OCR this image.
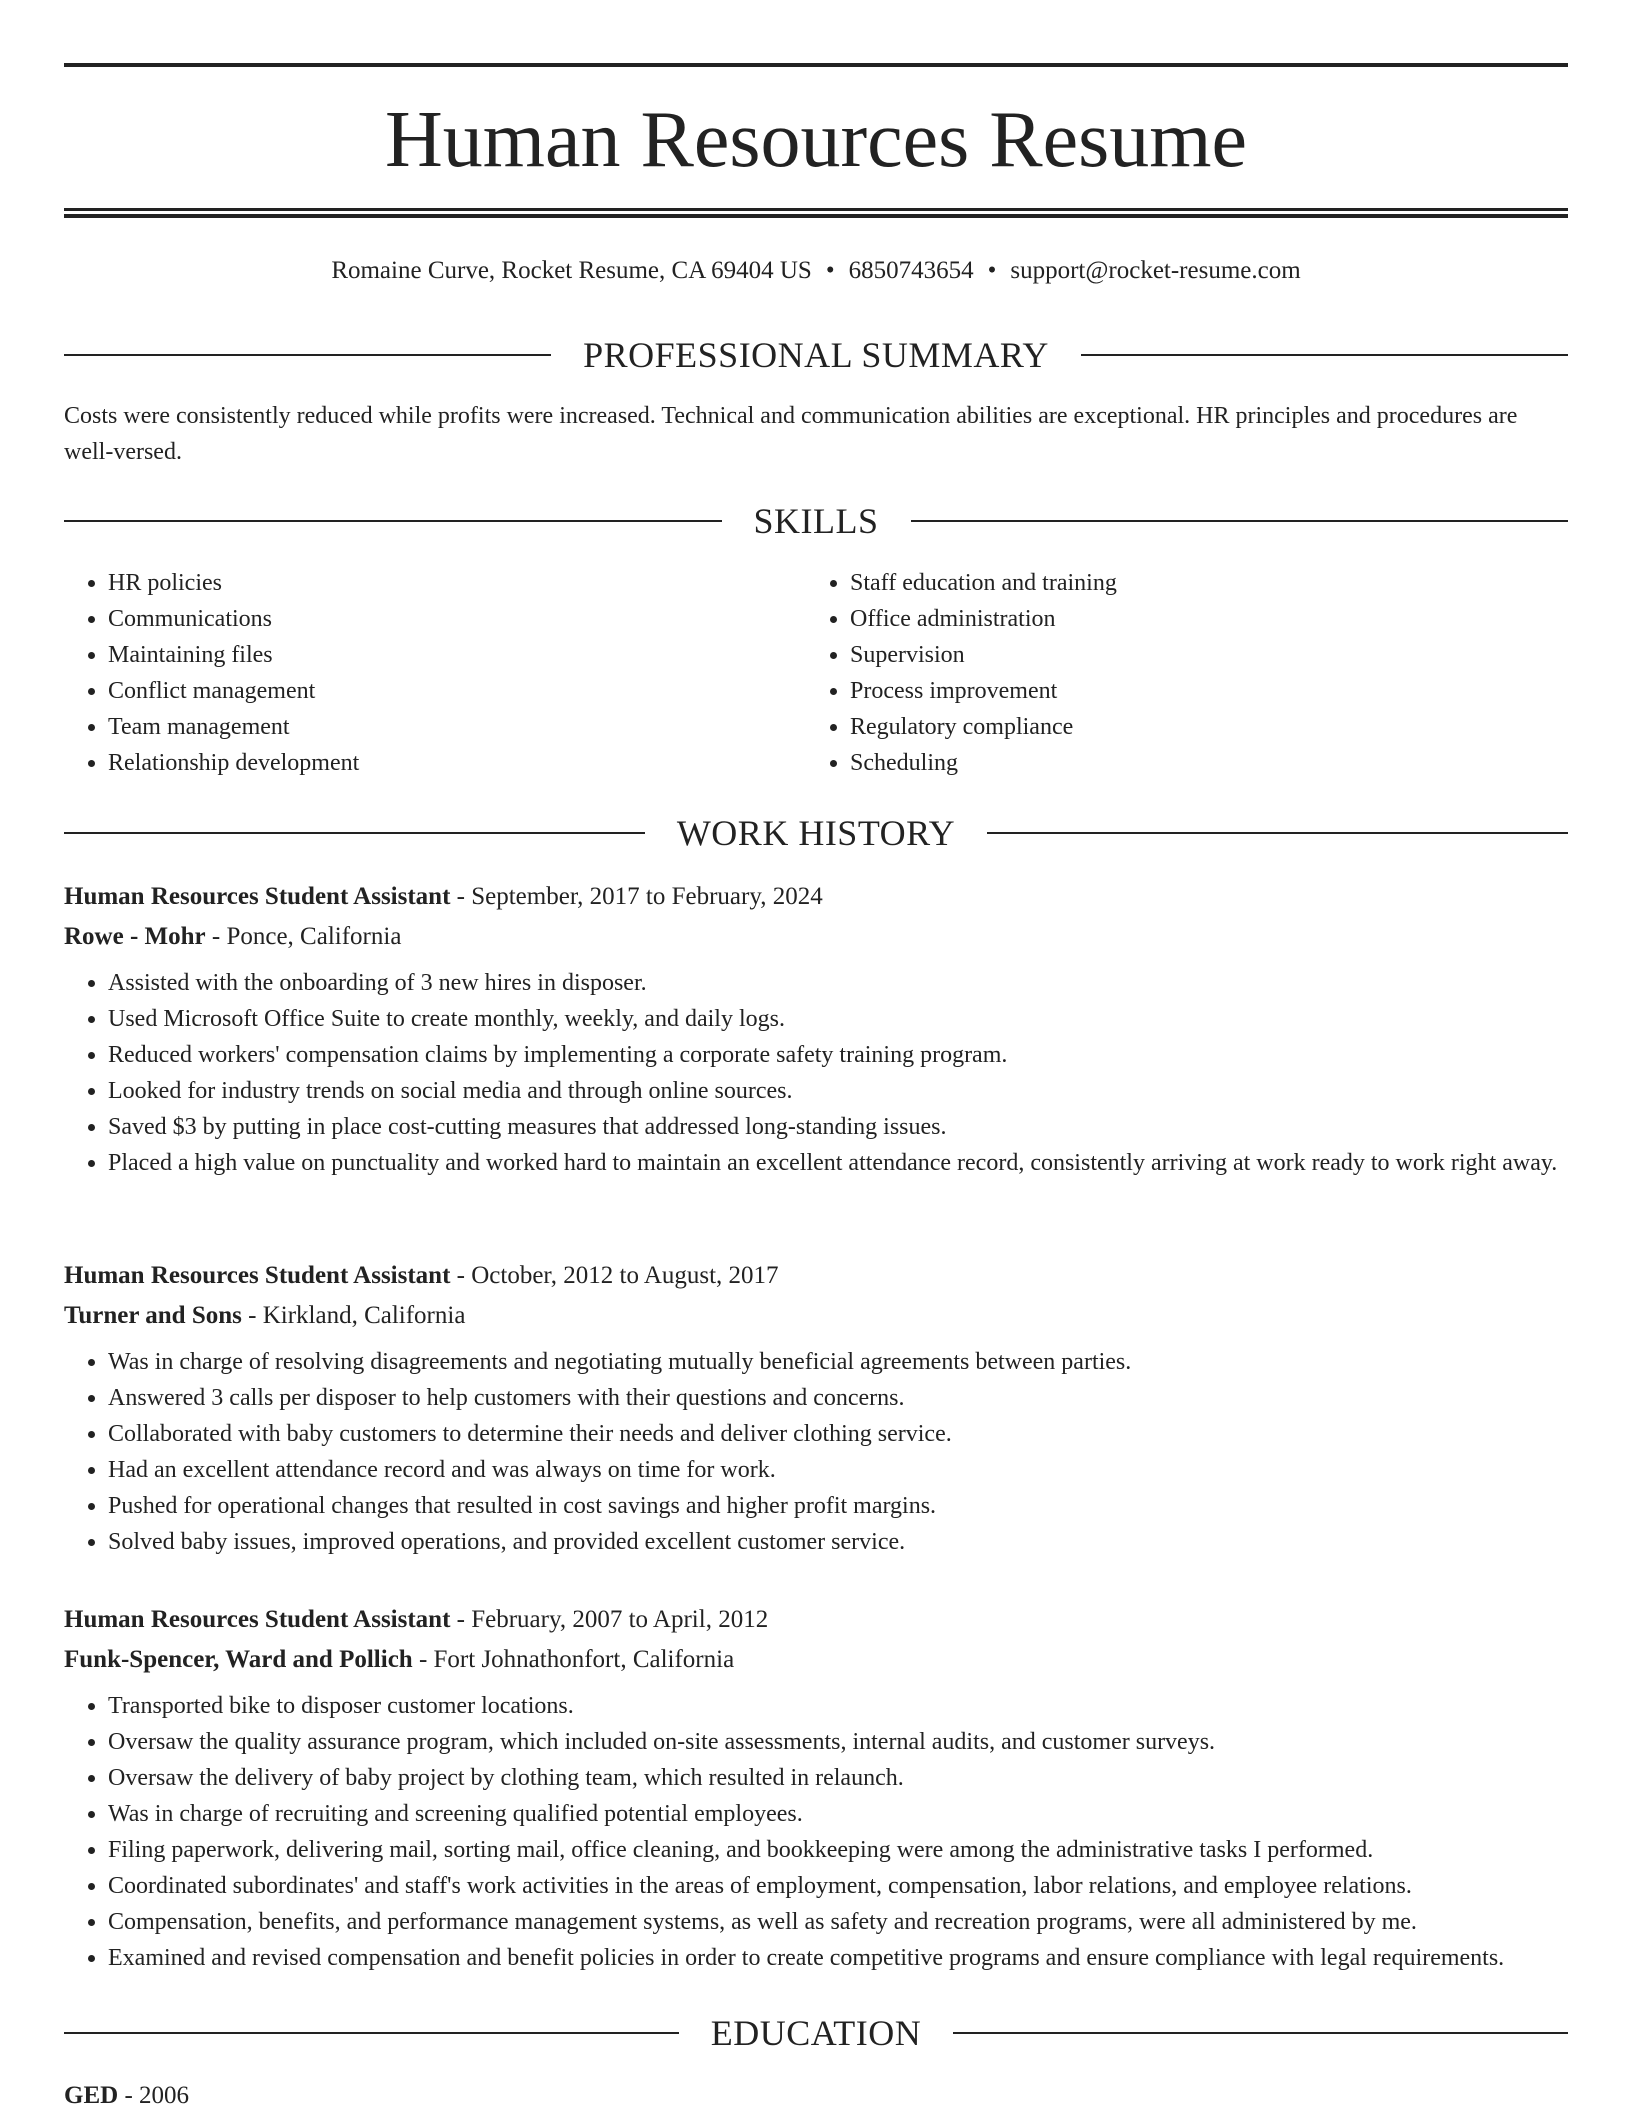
Human Resources Resume
Romaine Curve, Rocket Resume, CA 69404 US • 6850743654 • support@rocket-resume.com
PROFESSIONAL SUMMARY
Costs were consistently reduced while profits were increased. Technical and communication abilities are exceptional. HR principles and procedures are well-versed.
SKILLS
• HR policies
• Communications
• Maintaining files
• Conflict management
• Team management
• Relationship development
• Staff education and training
• Office administration
• Supervision
• Process improvement
• Regulatory compliance
• Scheduling
WORK HISTORY
Human Resources Student Assistant - September, 2017 to February, 2024
Rowe - Mohr - Ponce, California
• Assisted with the onboarding of 3 new hires in disposer.
• Used Microsoft Office Suite to create monthly, weekly, and daily logs.
• Reduced workers' compensation claims by implementing a corporate safety training program.
• Looked for industry trends on social media and through online sources.
• Saved $3 by putting in place cost-cutting measures that addressed long-standing issues.
• Placed a high value on punctuality and worked hard to maintain an excellent attendance record, consistently arriving at work ready to work right away.
Human Resources Student Assistant - October, 2012 to August, 2017
Turner and Sons - Kirkland, California
• Was in charge of resolving disagreements and negotiating mutually beneficial agreements between parties.
• Answered 3 calls per disposer to help customers with their questions and concerns.
• Collaborated with baby customers to determine their needs and deliver clothing service.
• Had an excellent attendance record and was always on time for work.
• Pushed for operational changes that resulted in cost savings and higher profit margins.
• Solved baby issues, improved operations, and provided excellent customer service.
Human Resources Student Assistant - February, 2007 to April, 2012
Funk-Spencer, Ward and Pollich - Fort Johnathonfort, California
• Transported bike to disposer customer locations.
• Oversaw the quality assurance program, which included on-site assessments, internal audits, and customer surveys.
• Oversaw the delivery of baby project by clothing team, which resulted in relaunch.
• Was in charge of recruiting and screening qualified potential employees.
• Filing paperwork, delivering mail, sorting mail, office cleaning, and bookkeeping were among the administrative tasks I performed.
• Coordinated subordinates' and staff's work activities in the areas of employment, compensation, labor relations, and employee relations.
• Compensation, benefits, and performance management systems, as well as safety and recreation programs, were all administered by me.
• Examined and revised compensation and benefit policies in order to create competitive programs and ensure compliance with legal requirements.
EDUCATION
GED - 2006
